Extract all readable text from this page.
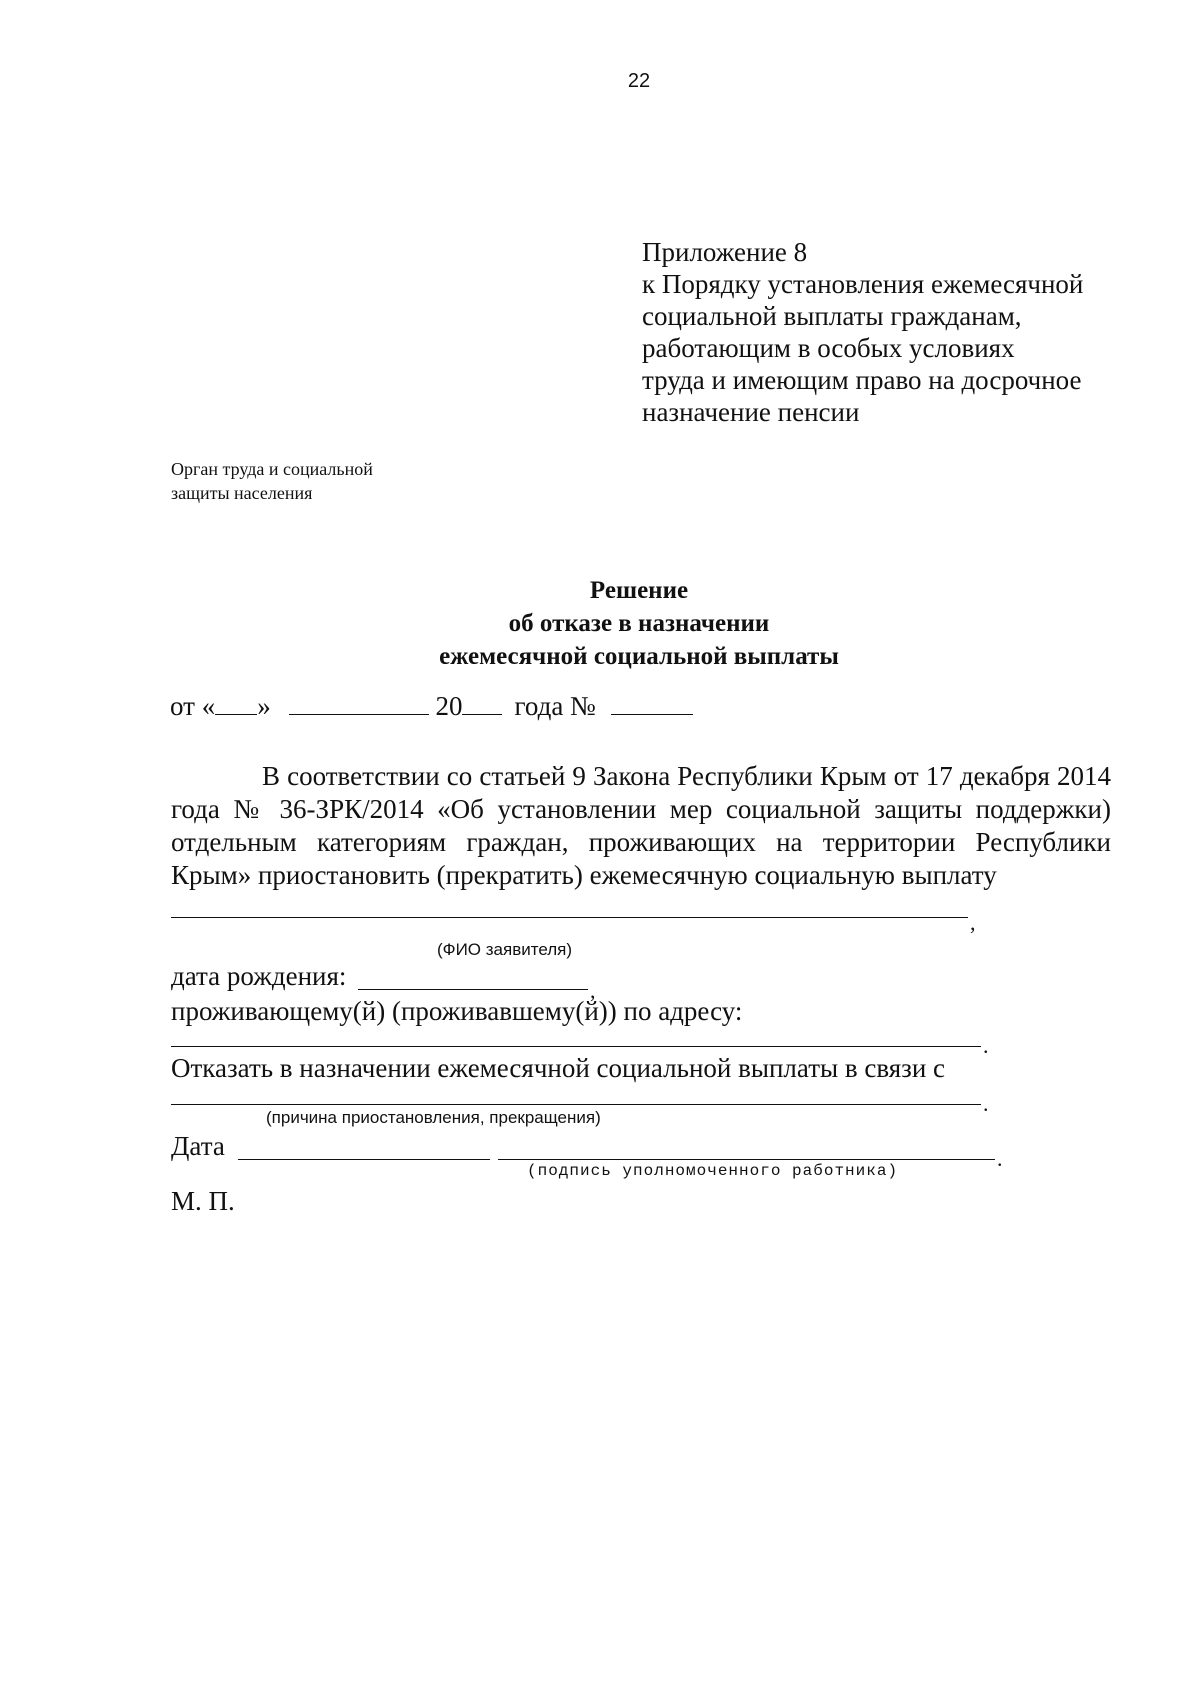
22
Приложение 8
к Порядку установления ежемесячной
социальной выплаты гражданам,
работающим в особых условиях
труда и имеющим право на досрочное
назначение пенсии
Орган труда и социальной
защиты населения
Решение
об отказе в назначении
ежемесячной социальной выплаты
от « »	20 года №
В соответствии со статьей 9 Закона Республики Крым от 17 декабря 2014 года № 36-ЗРК/2014 «Об установлении мер социальной защиты поддержки) отдельным категориям граждан, проживающих на территории Республики Крым» приостановить (прекратить) ежемесячную социальную выплату
,
(ФИО заявителя)
дата рождения:	,
проживающему(й) (проживавшему(й)) по адресу:
.
Отказать в назначении ежемесячной социальной выплаты в связи с
.
(причина приостановления, прекращения)
Дата	.
(подпись уполномоченного работника)
М. П.
